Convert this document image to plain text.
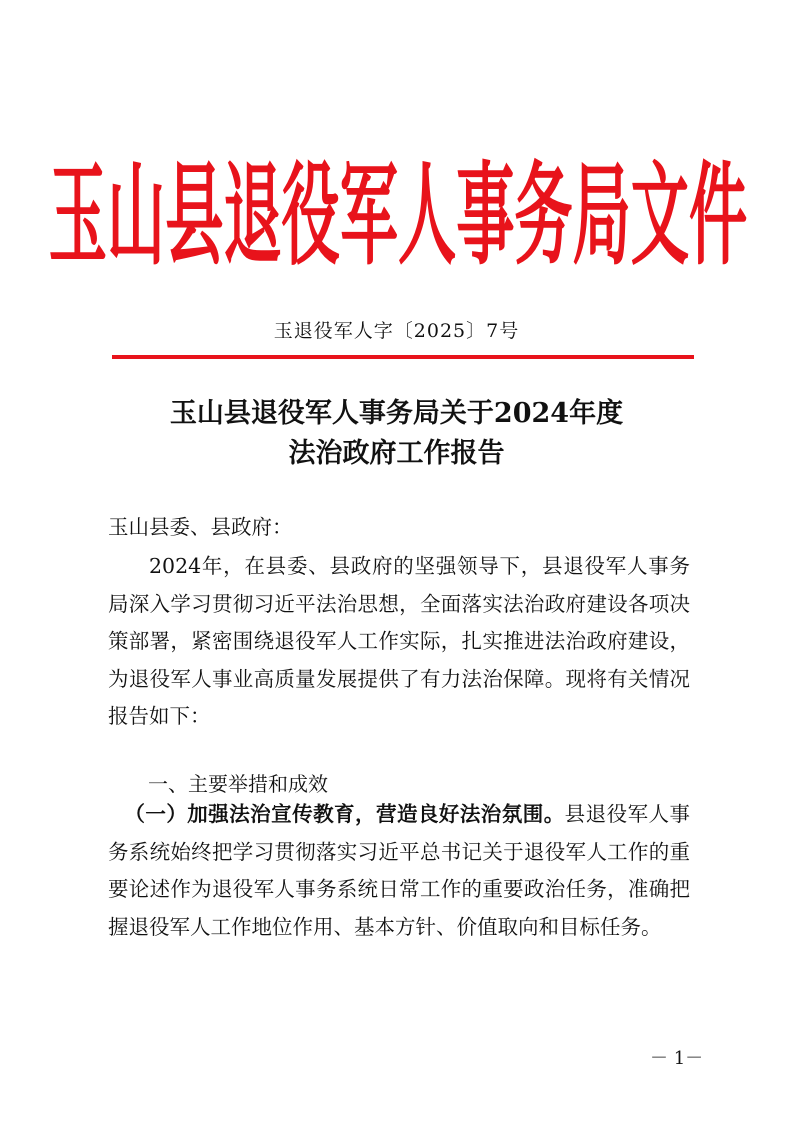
玉山县退役军人事务局文件
玉退役军人字〔2025〕7号
玉山县退役军人事务局关于2024年度
法治政府工作报告
玉山县委、县政府：
2024年，在县委、县政府的坚强领导下，县退役军人事务局深入学习贯彻习近平法治思想，全面落实法治政府建设各项决策部署，紧密围绕退役军人工作实际，扎实推进法治政府建设，为退役军人事业高质量发展提供了有力法治保障。现将有关情况报告如下：
一、主要举措和成效
（一）加强法治宣传教育，营造良好法治氛围。县退役军人事务系统始终把学习贯彻落实习近平总书记关于退役军人工作的重要论述作为退役军人事务系统日常工作的重要政治任务，准确把握退役军人工作地位作用、基本方针、价值取向和目标任务。
－ 1－
